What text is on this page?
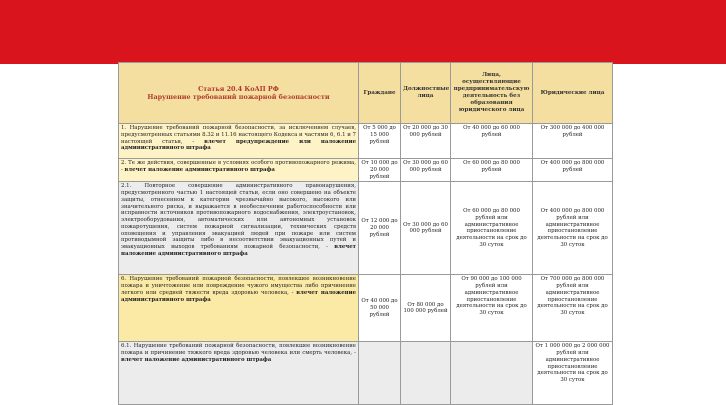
Статья 20.4 КоАП РФ
Нарушение требований пожарной безопасности	Граждане	Должностные лица	Лица, осуществляющие предпринимательскую деятельность без образования юридического лица	Юридические лица
1. Нарушение требований пожарной безопасности, за исключением случаев, предусмотренных статьями 8.32 и 11.16 настоящего Кодекса и частями 6, 6.1 и 7 настоящей статьи, - влечет предупреждение или наложение административного штрафа	От 5 000 до 15 000 рублей	От 20 000 до 30 000 рублей	От 40 000 до 60 000 рублей	От 300 000 до 400 000 рублей
2. Те же действия, совершенные в условиях особого противопожарного режима, - влечет наложение административного штрафа	От 10 000 до 20 000 рублей	От 30 000 до 60 000 рублей	От 60 000 до 80 000 рублей	От 400 000 до 800 000 рублей
2.1. Повторное совершение административного правонарушения, предусмотренного частью 1 настоящей статьи, если оно совершено на объекте защиты, отнесенном к категории чрезвычайно высокого, высокого или значительного риска, и выражается в необеспечении работоспособности или исправности источников противопожарного водоснабжения, электроустановок, электрооборудования, автоматических или автономных установок пожаротушения, систем пожарной сигнализации, технических средств оповещения и управления эвакуацией людей при пожаре или систем противодымной защиты либо в несоответствии эвакуационных путей и эвакуационных выходов требованиям пожарной безопасности, - влечет наложение административного штрафа	От 12 000 до 20 000 рублей	От 30 000 до 60 000 рублей	От 60 000 до 80 000 рублей или административное приостановление деятельности на срок до 30 суток	От 400 000 до 800 000 рублей или административное приостановление деятельности на срок до 30 суток
6. Нарушение требований пожарной безопасности, повлекшее возникновение пожара и уничтожение или повреждение чужого имущества либо причинение легкого или средней тяжести вреда здоровью человека, - влечет наложение административного штрафа	От 40 000 до 50 000 рублей	От 80 000 до 100 000 рублей	От 90 000 до 100 000 рублей или административное приостановление деятельности на срок до 30 суток	От 700 000 до 800 000 рублей или административное приостановление деятельности на срок до 30 суток
6.1. Нарушение требований пожарной безопасности, повлекшее возникновение пожара и причинение тяжкого вреда здоровью человека или смерть человека, - влечет наложение административного штрафа				От 1 000 000 до 2 000 000 рублей или административное приостановление деятельности на срок до 30 суток
